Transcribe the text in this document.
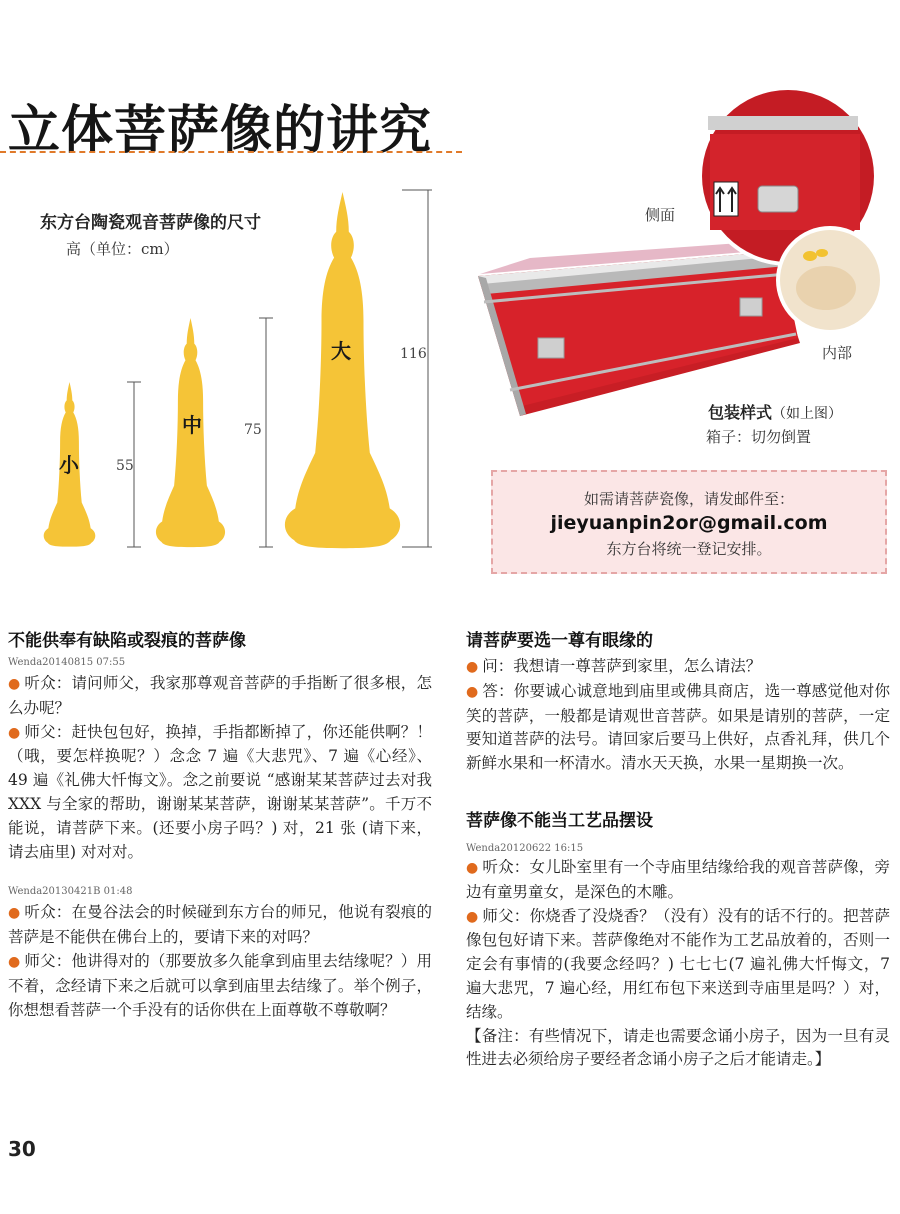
立体菩萨像的讲究
东方台陶瓷观音菩萨像的尺寸
高（单位：cm）
小
中
大
55
75
116
侧面
内部
包装样式（如上图）
箱子：切勿倒置
如需请菩萨瓷像，请发邮件至：
jieyuanpin2or@gmail.com
东方台将统一登记安排。
不能供奉有缺陷或裂痕的菩萨像
Wenda20140815 07:55
● 听众：请问师父，我家那尊观音菩萨的手指断了很多根，怎么办呢？
● 师父：赶快包包好，换掉，手指都断掉了，你还能供啊？！（哦，要怎样换呢？）念念 7 遍《大悲咒》、7 遍《心经》、49 遍《礼佛大忏悔文》。念之前要说 “感谢某某菩萨过去对我 XXX 与全家的帮助，谢谢某某菩萨，谢谢某某菩萨”。千万不能说，请菩萨下来。(还要小房子吗？) 对，21 张 (请下来，请去庙里) 对对对。
Wenda20130421B 01:48
● 听众：在曼谷法会的时候碰到东方台的师兄，他说有裂痕的菩萨是不能供在佛台上的，要请下来的对吗？
● 师父：他讲得对的（那要放多久能拿到庙里去结缘呢？）用不着，念经请下来之后就可以拿到庙里去结缘了。举个例子，你想想看菩萨一个手没有的话你供在上面尊敬不尊敬啊？
请菩萨要选一尊有眼缘的
● 问：我想请一尊菩萨到家里，怎么请法？
● 答：你要诚心诚意地到庙里或佛具商店，选一尊感觉他对你笑的菩萨，一般都是请观世音菩萨。如果是请别的菩萨，一定要知道菩萨的法号。请回家后要马上供好，点香礼拜，供几个新鲜水果和一杯清水。清水天天换，水果一星期换一次。
菩萨像不能当工艺品摆设
Wenda20120622 16:15
● 听众：女儿卧室里有一个寺庙里结缘给我的观音菩萨像，旁边有童男童女，是深色的木雕。
● 师父：你烧香了没烧香？（没有）没有的话不行的。把菩萨像包包好请下来。菩萨像绝对不能作为工艺品放着的，否则一定会有事情的(我要念经吗？) 七七七(7 遍礼佛大忏悔文，7 遍大悲咒，7 遍心经，用红布包下来送到寺庙里是吗？）对，结缘。
【备注：有些情况下，请走也需要念诵小房子，因为一旦有灵性进去必须给房子要经者念诵小房子之后才能请走。】
30
